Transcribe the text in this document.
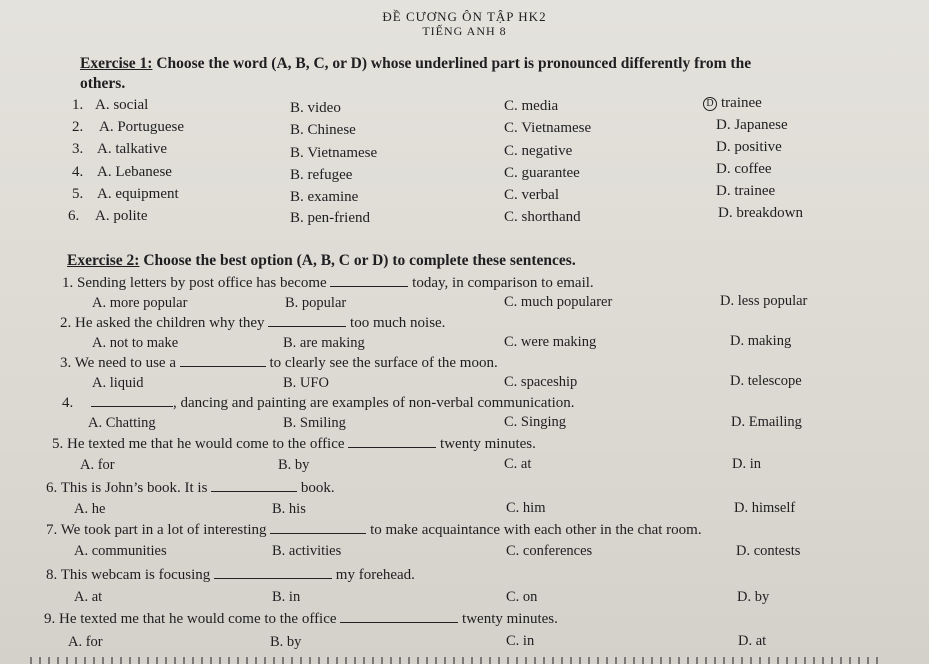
ĐỀ CƯƠNG ÔN TẬP HK2
TIẾNG ANH 8
Exercise 1: Choose the word (A, B, C, or D) whose underlined part is pronounced differently from the
others.
1. A. social	B. video	C. media	D trainee
2. A. Portuguese	B. Chinese	C. Vietnamese	D. Japanese
3. A. talkative	B. Vietnamese	C. negative	D. positive
4. A. Lebanese	B. refugee	C. guarantee	D. coffee
5. A. equipment	B. examine	C. verbal	D. trainee
6. A. polite	B. pen-friend	C. shorthand	D. breakdown
Exercise 2: Choose the best option (A, B, C or D) to complete these sentences.
1. Sending letters by post office has become	today, in comparison to email.
A. more popular	B. popular	C. much popularer	D. less popular
2. He asked the children why they	too much noise.
A. not to make	B. are making	C. were making	D. making
3. We need to use a	to clearly see the surface of the moon.
A. liquid	B. UFO	C. spaceship	D. telescope
4.	, dancing and painting are examples of non-verbal communication.
A. Chatting	B. Smiling	C. Singing	D. Emailing
5. He texted me that he would come to the office	twenty minutes.
A. for	B. by	C. at	D. in
6. This is John’s book. It is	book.
A. he	B. his	C. him	D. himself
7. We took part in a lot of interesting	to make acquaintance with each other in the chat room.
A. communities	B. activities	C. conferences	D. contests
8. This webcam is focusing	my forehead.
A. at	B. in	C. on	D. by
9. He texted me that he would come to the office	twenty minutes.
A. for	B. by	C. in	D. at
